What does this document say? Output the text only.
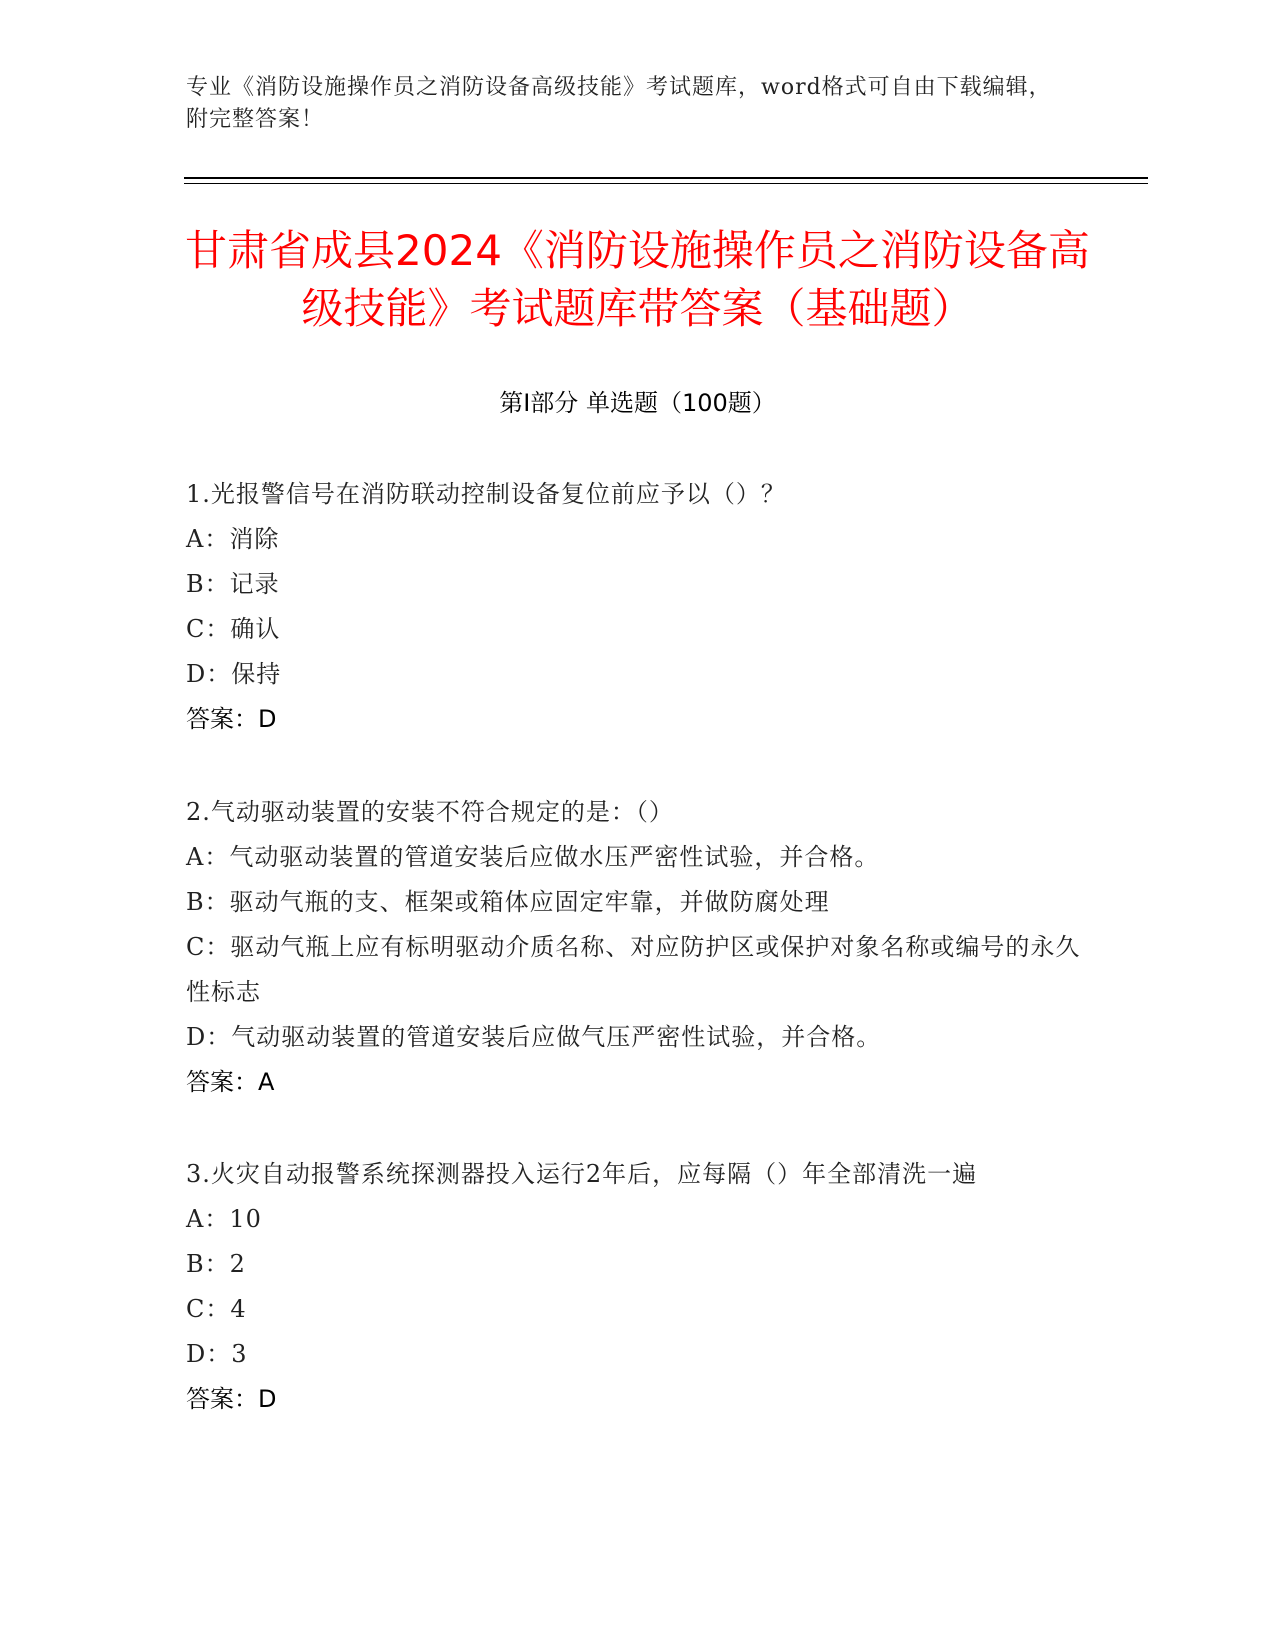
专业《消防设施操作员之消防设备高级技能》考试题库，word格式可自由下载编辑，附完整答案！
甘肃省成县2024《消防设施操作员之消防设备高级技能》考试题库带答案（基础题）
第I部分 单选题（100题）
1.光报警信号在消防联动控制设备复位前应予以（）？
A：消除
B：记录
C：确认
D：保持
答案：D
2.气动驱动装置的安装不符合规定的是：（）
A：气动驱动装置的管道安装后应做水压严密性试验，并合格。
B：驱动气瓶的支、框架或箱体应固定牢靠，并做防腐处理
C：驱动气瓶上应有标明驱动介质名称、对应防护区或保护对象名称或编号的永久性标志
D：气动驱动装置的管道安装后应做气压严密性试验，并合格。
答案：A
3.火灾自动报警系统探测器投入运行2年后，应每隔（）年全部清洗一遍
A：10
B：2
C：4
D：3
答案：D
